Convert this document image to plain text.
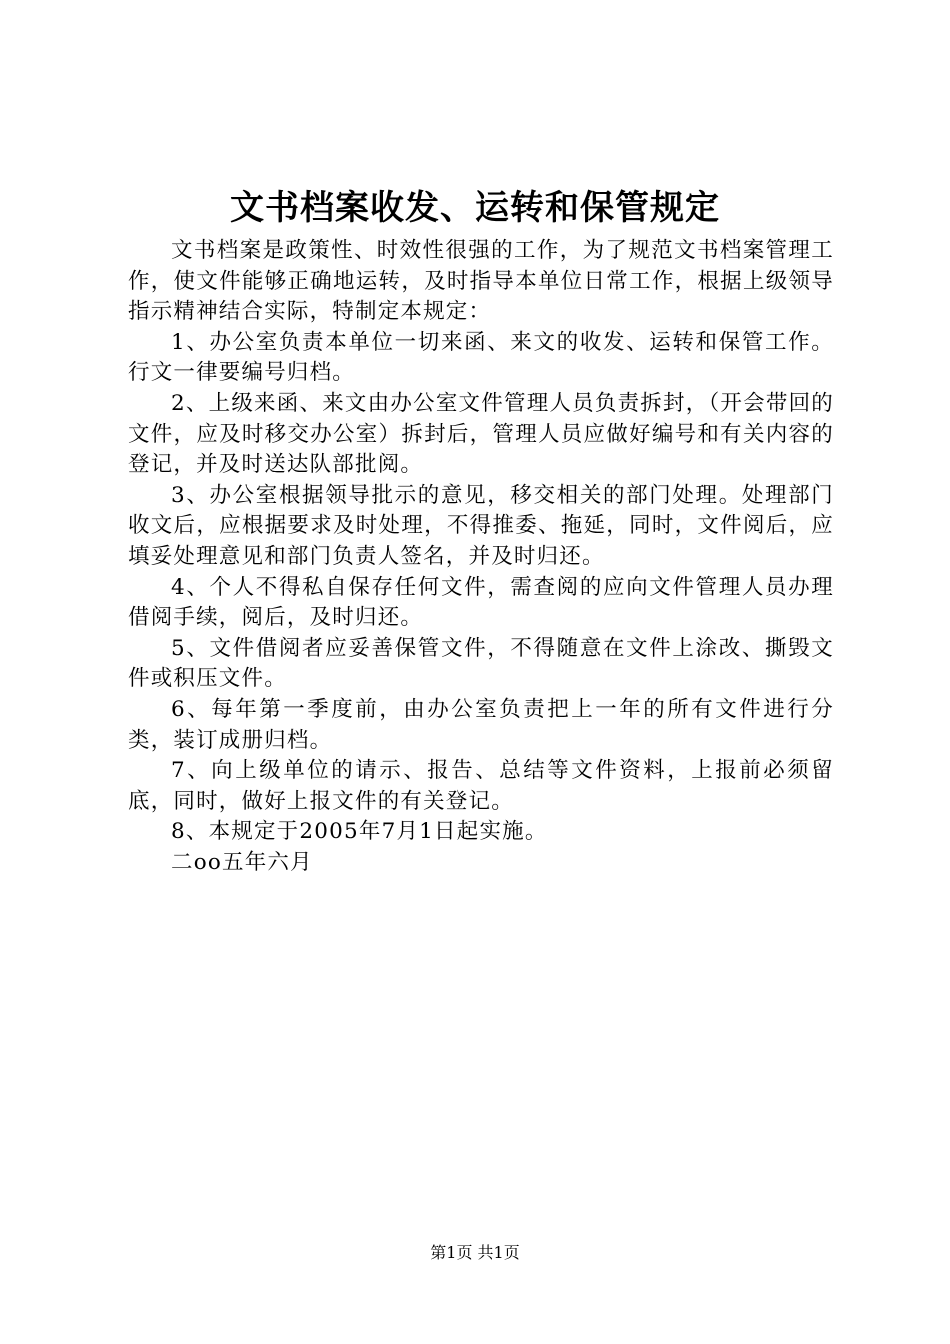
文书档案收发、运转和保管规定

文书档案是政策性、时效性很强的工作，为了规范文书档案管理工作，使文件能够正确地运转，及时指导本单位日常工作，根据上级领导指示精神结合实际，特制定本规定：

1、办公室负责本单位一切来函、来文的收发、运转和保管工作。行文一律要编号归档。

2、上级来函、来文由办公室文件管理人员负责拆封，（开会带回的文件，应及时移交办公室）拆封后，管理人员应做好编号和有关内容的登记，并及时送达队部批阅。

3、办公室根据领导批示的意见，移交相关的部门处理。处理部门收文后，应根据要求及时处理，不得推委、拖延，同时，文件阅后，应填妥处理意见和部门负责人签名，并及时归还。

4、个人不得私自保存任何文件，需查阅的应向文件管理人员办理借阅手续，阅后，及时归还。

5、文件借阅者应妥善保管文件，不得随意在文件上涂改、撕毁文件或积压文件。

6、每年第一季度前，由办公室负责把上一年的所有文件进行分类，装订成册归档。

7、向上级单位的请示、报告、总结等文件资料，上报前必须留底，同时，做好上报文件的有关登记。

8、本规定于2005年7月1日起实施。

二oo五年六月

第1页 共1页
